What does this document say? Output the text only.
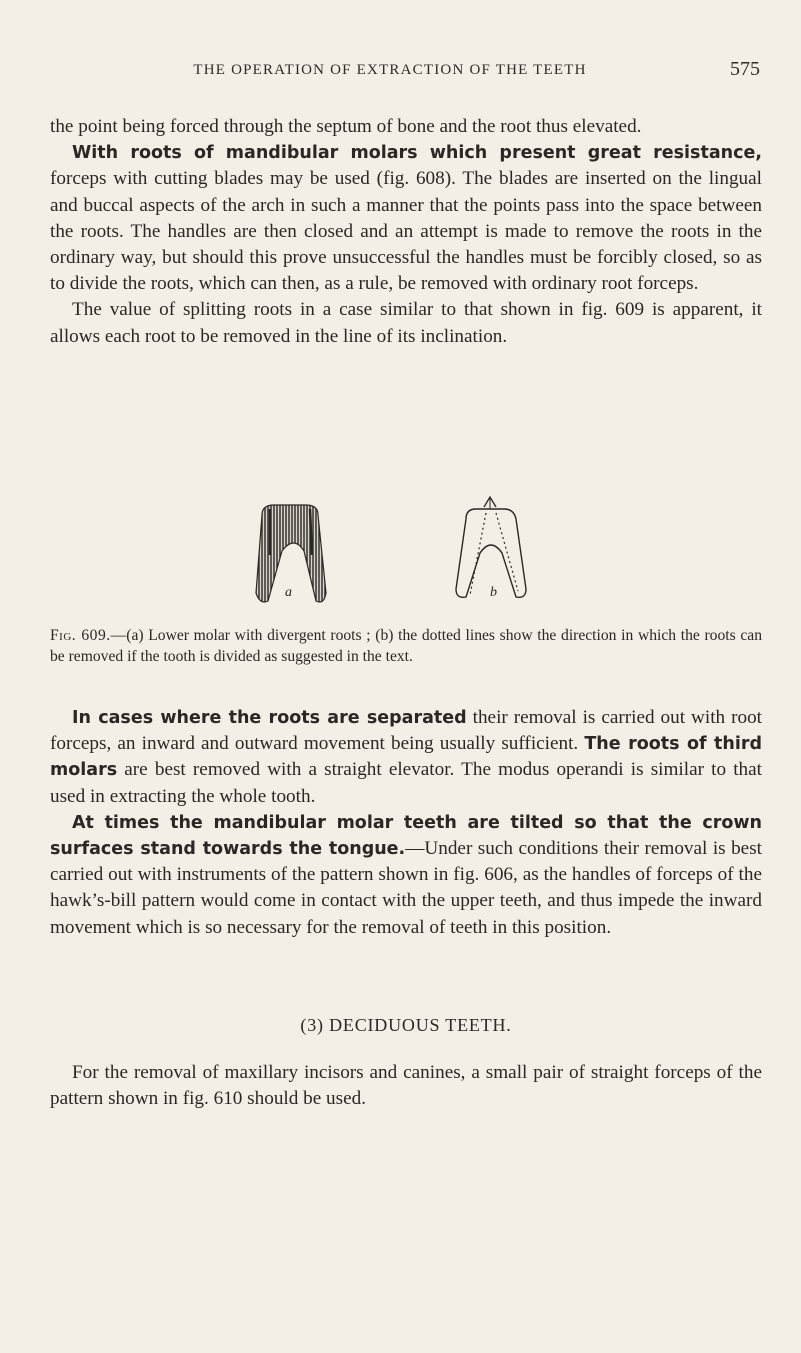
THE OPERATION OF EXTRACTION OF THE TEETH	575

the point being forced through the septum of bone and the root thus elevated.

With roots of mandibular molars which present great resistance, forceps with cutting blades may be used (fig. 608). The blades are inserted on the lingual and buccal aspects of the arch in such a manner that the points pass into the space between the roots. The handles are then closed and an attempt is made to remove the roots in the ordinary way, but should this prove unsuccessful the handles must be forcibly closed, so as to divide the roots, which can then, as a rule, be removed with ordinary root forceps.

The value of splitting roots in a case similar to that shown in fig. 609 is apparent, it allows each root to be removed in the line of its inclination.

a	b
Fig. 609.—(a) Lower molar with divergent roots ; (b) the dotted lines show the direction in which the roots can be removed if the tooth is divided as suggested in the text.

In cases where the roots are separated their removal is carried out with root forceps, an inward and outward movement being usually sufficient. The roots of third molars are best removed with a straight elevator. The modus operandi is similar to that used in extracting the whole tooth.

At times the mandibular molar teeth are tilted so that the crown surfaces stand towards the tongue.—Under such conditions their removal is best carried out with instruments of the pattern shown in fig. 606, as the handles of forceps of the hawk’s-bill pattern would come in contact with the upper teeth, and thus impede the inward movement which is so necessary for the removal of teeth in this position.

(3) DECIDUOUS TEETH.

For the removal of maxillary incisors and canines, a small pair of straight forceps of the pattern shown in fig. 610 should be used.
